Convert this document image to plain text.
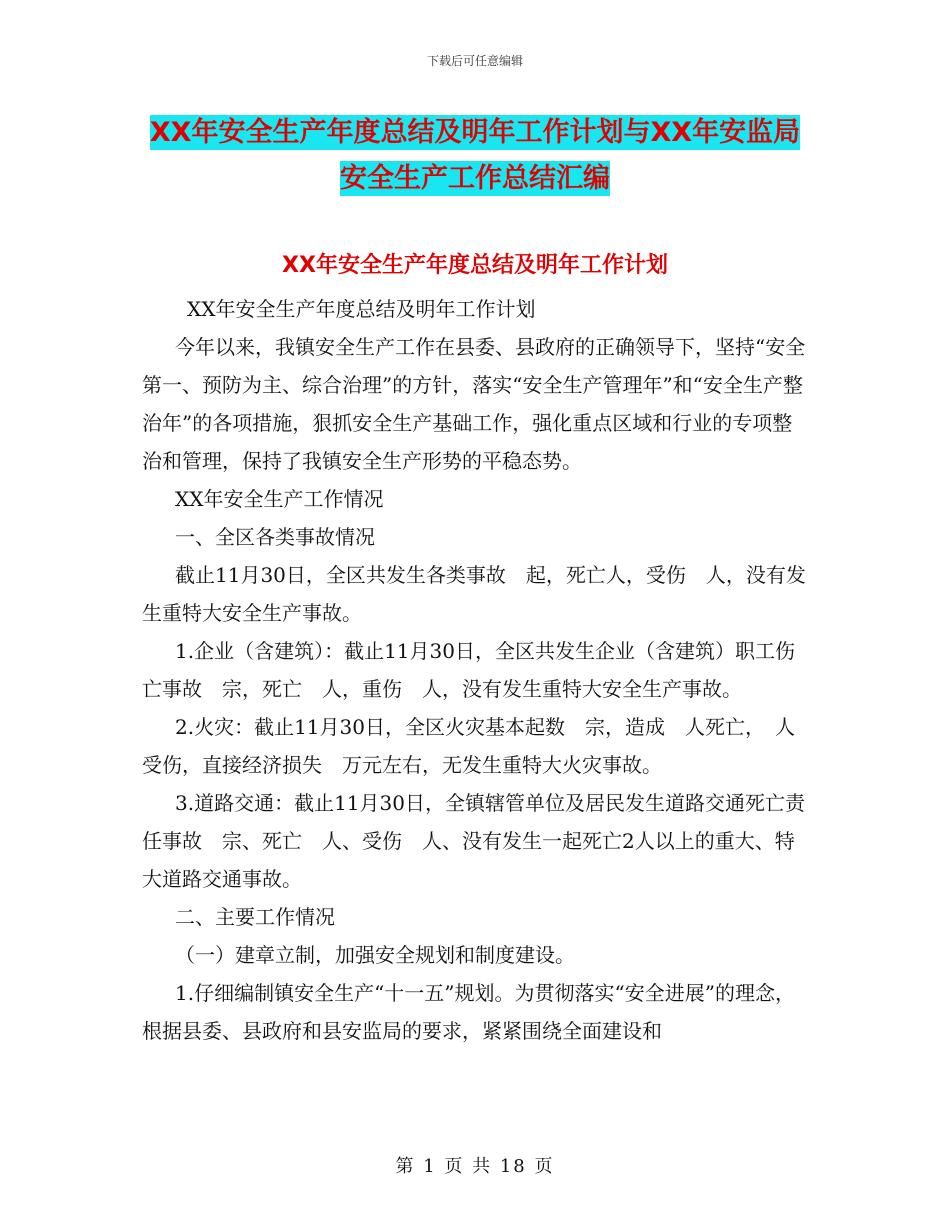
下载后可任意编辑
XX年安全生产年度总结及明年工作计划与XX年安监局
安全生产工作总结汇编
XX年安全生产年度总结及明年工作计划

XX年安全生产年度总结及明年工作计划

今年以来，我镇安全生产工作在县委、县政府的正确领导下，坚持“安全第一、预防为主、综合治理”的方针，落实“安全生产管理年”和“安全生产整治年”的各项措施，狠抓安全生产基础工作，强化重点区域和行业的专项整治和管理，保持了我镇安全生产形势的平稳态势。

XX年安全生产工作情况

一、全区各类事故情况

截止11月30日，全区共发生各类事故　起，死亡人，受伤　人，没有发生重特大安全生产事故。

1.企业（含建筑）：截止11月30日，全区共发生企业（含建筑）职工伤亡事故　宗，死亡　人，重伤　人，没有发生重特大安全生产事故。

2.火灾：截止11月30日，全区火灾基本起数　宗，造成　人死亡，　人受伤，直接经济损失　万元左右，无发生重特大火灾事故。

3.道路交通：截止11月30日，全镇辖管单位及居民发生道路交通死亡责任事故　宗、死亡　人、受伤　人、没有发生一起死亡2人以上的重大、特大道路交通事故。

二、主要工作情况

（一）建章立制，加强安全规划和制度建设。

1.仔细编制镇安全生产“十一五”规划。为贯彻落实“安全进展”的理念，根据县委、县政府和县安监局的要求，紧紧围绕全面建设和

第 1 页 共 18 页
